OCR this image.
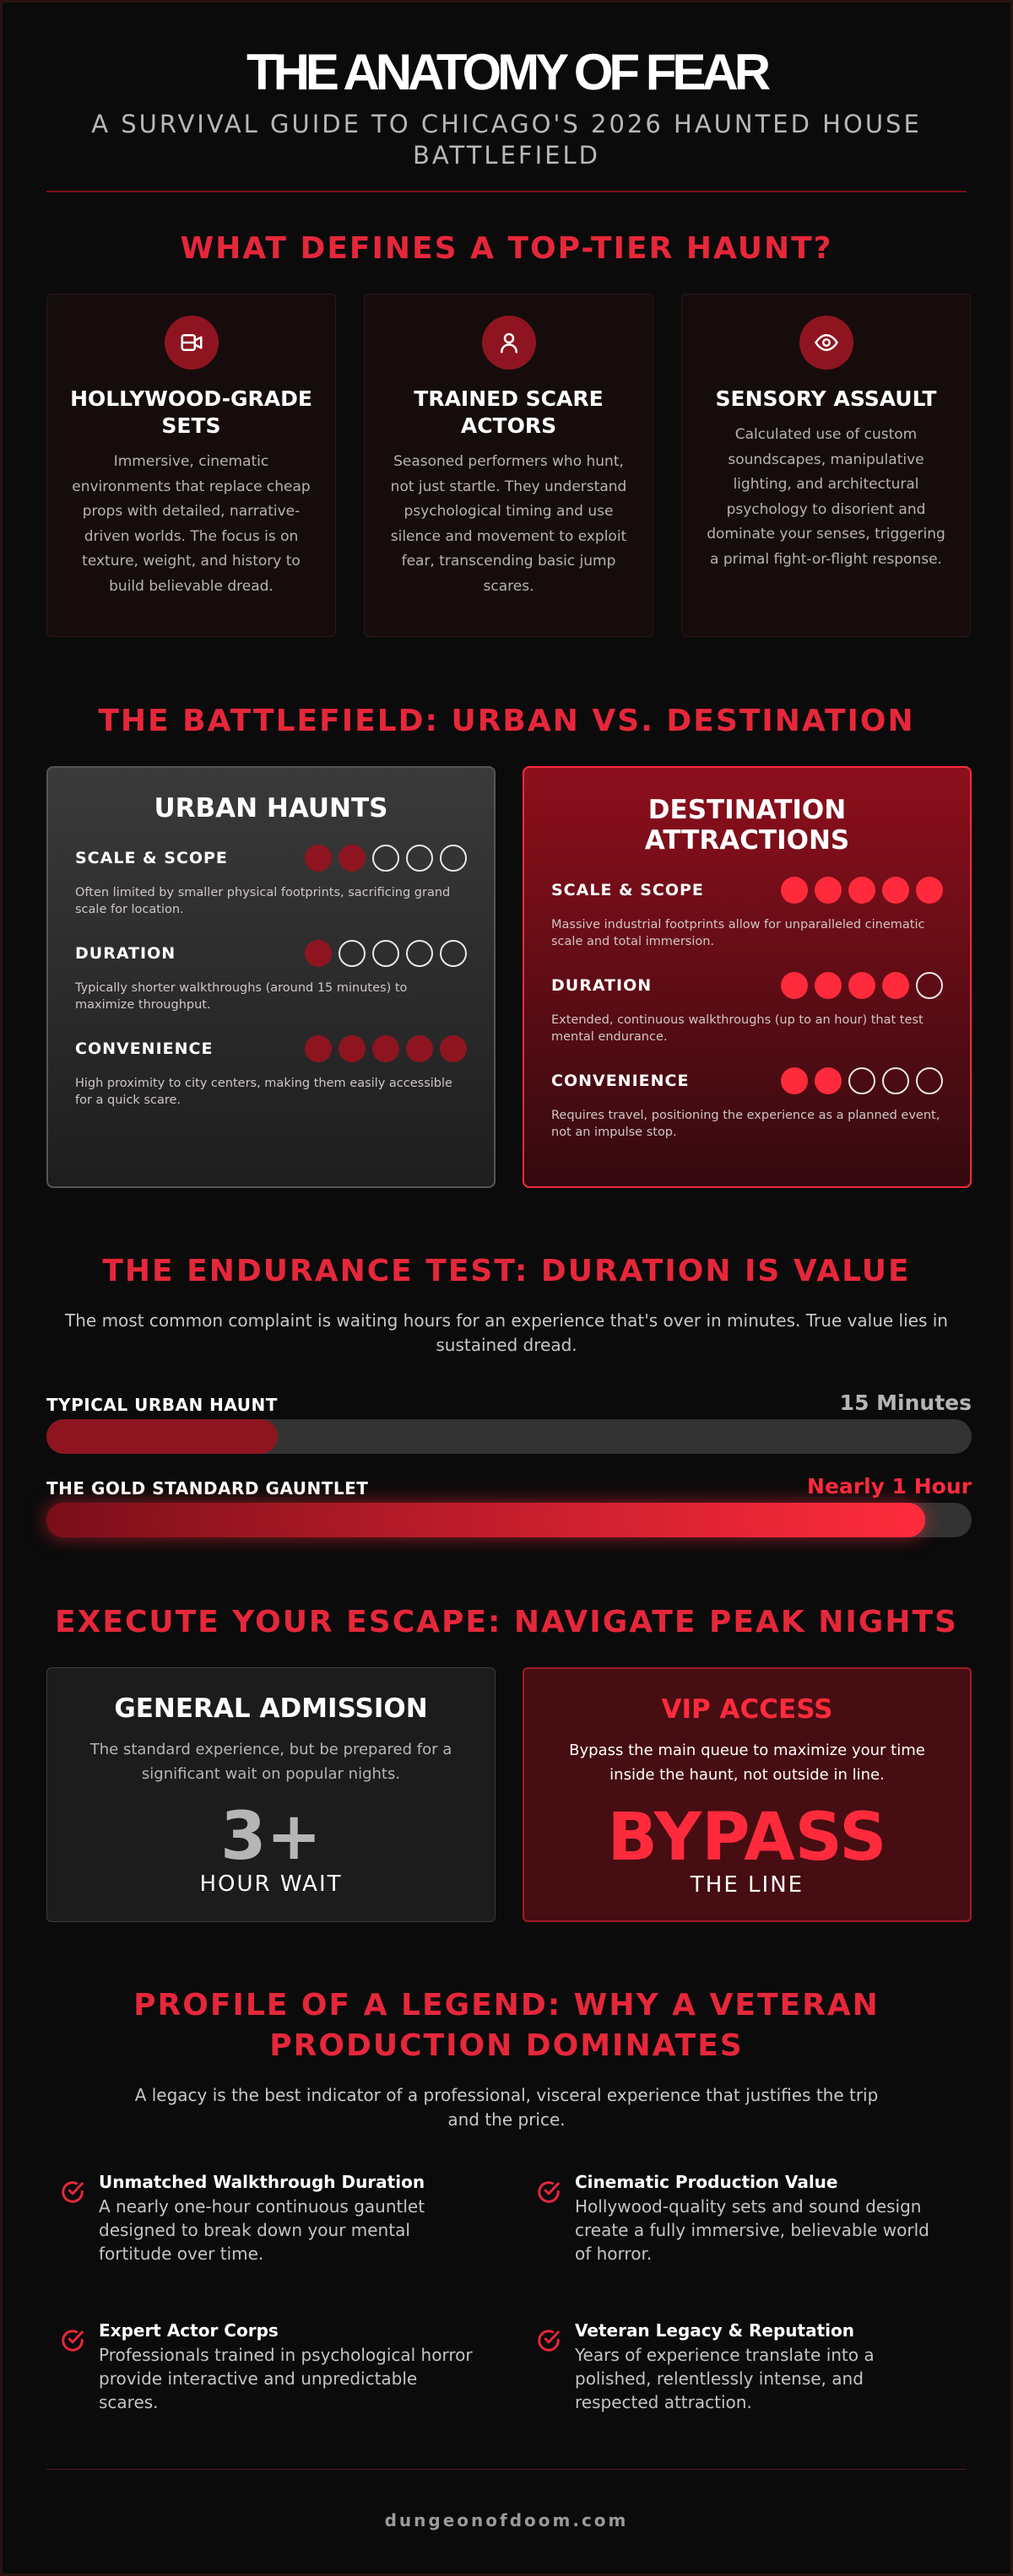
THE ANATOMY OF FEAR
A SURVIVAL GUIDE TO CHICAGO'S 2026 HAUNTED HOUSE BATTLEFIELD
WHAT DEFINES A TOP-TIER HAUNT?
HOLLYWOOD-GRADE SETS

Immersive, cinematic environments that replace cheap props with detailed, narrative-driven worlds. The focus is on texture, weight, and history to build believable dread.

TRAINED SCARE ACTORS

Seasoned performers who hunt, not just startle. They understand psychological timing and use silence and movement to exploit fear, transcending basic jump scares.

SENSORY ASSAULT

Calculated use of custom soundscapes, manipulative lighting, and architectural psychology to disorient and dominate your senses, triggering a primal fight-or-flight response.

THE BATTLEFIELD: URBAN VS. DESTINATION
URBAN HAUNTS
SCALE & SCOPE
Often limited by smaller physical footprints, sacrificing grand scale for location.
DURATION
Typically shorter walkthroughs (around 15 minutes) to maximize throughput.
CONVENIENCE
High proximity to city centers, making them easily accessible for a quick scare.
DESTINATION ATTRACTIONS
SCALE & SCOPE
Massive industrial footprints allow for unparalleled cinematic scale and total immersion.
DURATION
Extended, continuous walkthroughs (up to an hour) that test mental endurance.
CONVENIENCE
Requires travel, positioning the experience as a planned event, not an impulse stop.
THE ENDURANCE TEST: DURATION IS VALUE
The most common complaint is waiting hours for an experience that's over in minutes. True value lies in sustained dread.
TYPICAL URBAN HAUNT	15 Minutes
THE GOLD STANDARD GAUNTLET	Nearly 1 Hour
EXECUTE YOUR ESCAPE: NAVIGATE PEAK NIGHTS
GENERAL ADMISSION

The standard experience, but be prepared for a significant wait on popular nights.

3+
HOUR WAIT
VIP ACCESS

Bypass the main queue to maximize your time inside the haunt, not outside in line.

BYPASS
THE LINE
PROFILE OF A LEGEND: WHY A VETERAN PRODUCTION DOMINATES
A legacy is the best indicator of a professional, visceral experience that justifies the trip and the price.
Unmatched Walkthrough Duration

A nearly one-hour continuous gauntlet designed to break down your mental fortitude over time.

Cinematic Production Value

Hollywood-quality sets and sound design create a fully immersive, believable world of horror.

Expert Actor Corps

Professionals trained in psychological horror provide interactive and unpredictable scares.

Veteran Legacy & Reputation

Years of experience translate into a polished, relentlessly intense, and respected attraction.

dungeonofdoom.com
